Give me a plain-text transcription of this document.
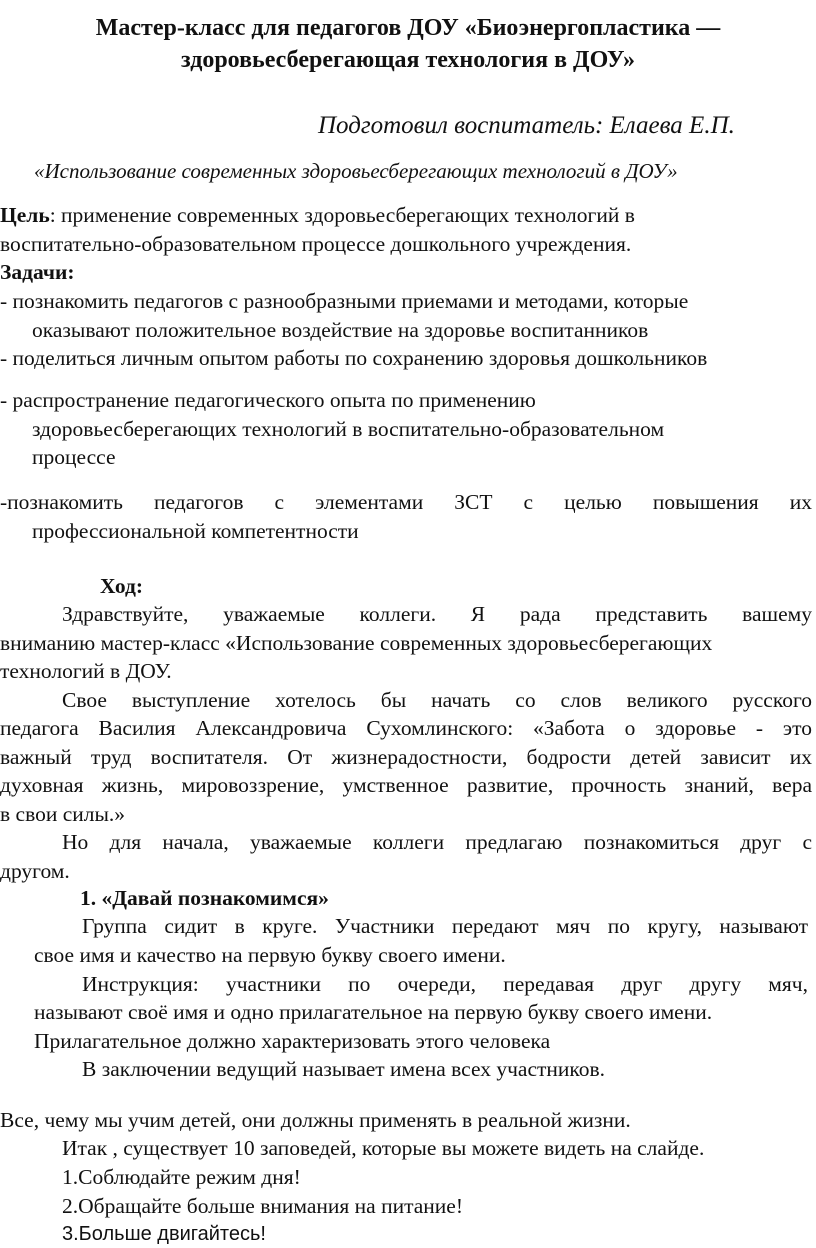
Мастер-класс для педагогов ДОУ «Биоэнергопластика —
здоровьесберегающая технология в ДОУ»

Подготовил воспитатель: Елаева Е.П.

«Использование современных здоровьесберегающих технологий в ДОУ»

Цель: применение современных здоровьесберегающих технологий в

воспитательно-образовательном процессе дошкольного учреждения.

Задачи:

- познакомить педагогов с разнообразными приемами и методами, которые

оказывают положительное воздействие на здоровье воспитанников

- поделиться личным опытом работы по сохранению здоровья дошкольников

- распространение педагогического опыта по применению

здоровьесберегающих технологий в воспитательно-образовательном

процессе

-познакомить педагогов с элементами ЗСТ с целью повышения их

профессиональной компетентности

Ход:

Здравствуйте, уважаемые коллеги. Я рада представить вашему

вниманию мастер-класс «Использование современных здоровьесберегающих

технологий в ДОУ.

Свое выступление хотелось бы начать со слов великого русского

педагога Василия Александровича Сухомлинского: «Забота о здоровье - это

важный труд воспитателя. От жизнерадостности, бодрости детей зависит их

духовная жизнь, мировоззрение, умственное развитие, прочность знаний, вера

в свои силы.»

Но для начала, уважаемые коллеги предлагаю познакомиться друг с

другом.

1. «Давай познакомимся»

Группа сидит в круге. Участники передают мяч по кругу, называют

свое имя и качество на первую букву своего имени.

Инструкция: участники по очереди, передавая друг другу мяч,

называют своё имя и одно прилагательное на первую букву своего имени.

Прилагательное должно характеризовать этого человека

В заключении ведущий называет имена всех участников.

Все, чему мы учим детей, они должны применять в реальной жизни.

Итак , существует 10 заповедей, которые вы можете видеть на слайде.

1.Соблюдайте режим дня!

2.Обращайте больше внимания на питание!

3.Больше двигайтесь!
